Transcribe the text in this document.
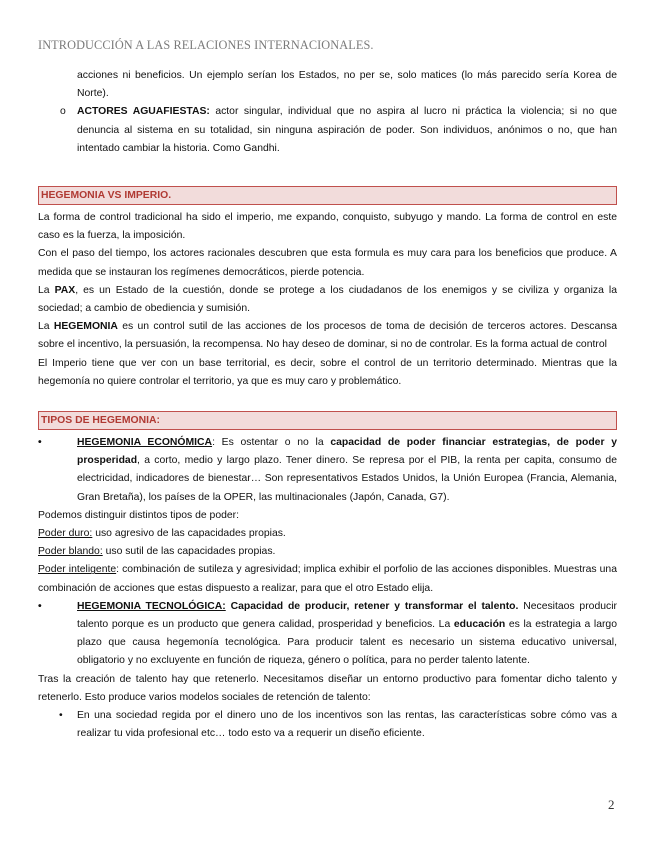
INTRODUCCIÓN A LAS RELACIONES INTERNACIONALES.

acciones ni beneficios. Un ejemplo serían los Estados, no per se, solo matices (lo más parecido sería Korea de Norte).

o ACTORES AGUAFIESTAS: actor singular, individual que no aspira al lucro ni práctica la violencia; si no que denuncia al sistema en su totalidad, sin ninguna aspiración de poder. Son individuos, anónimos o no, que han intentado cambiar la historia. Como Gandhi.
HEGEMONIA VS IMPERIO.

La forma de control tradicional ha sido el imperio, me expando, conquisto, subyugo y mando. La forma de control en este caso es la fuerza, la imposición.

Con el paso del tiempo, los actores racionales descubren que esta formula es muy cara para los beneficios que produce. A medida que se instauran los regímenes democráticos, pierde potencia.

La PAX, es un Estado de la cuestión, donde se protege a los ciudadanos de los enemigos y se civiliza y organiza la sociedad; a cambio de obediencia y sumisión.

La HEGEMONIA es un control sutil de las acciones de los procesos de toma de decisión de terceros actores. Descansa sobre el incentivo, la persuasión, la recompensa. No hay deseo de dominar, si no de controlar. Es la forma actual de control

El Imperio tiene que ver con un base territorial, es decir, sobre el control de un territorio determinado. Mientras que la hegemonía no quiere controlar el territorio, ya que es muy caro y problemático.

TIPOS DE HEGEMONIA:
•	HEGEMONIA ECONÓMICA: Es ostentar o no la capacidad de poder financiar estrategias, de poder y prosperidad, a corto, medio y largo plazo. Tener dinero. Se represa por el PIB, la renta per capita, consumo de electricidad, indicadores de bienestar… Son representativos Estados Unidos, la Unión Europea (Francia, Alemania, Gran Bretaña), los países de la OPER, las multinacionales (Japón, Canada, G7).

Podemos distinguir distintos tipos de poder:

Poder duro: uso agresivo de las capacidades propias.

Poder blando: uso sutil de las capacidades propias.

Poder inteligente: combinación de sutileza y agresividad; implica exhibir el porfolio de las acciones disponibles. Muestras una combinación de acciones que estas dispuesto a realizar, para que el otro Estado elija.

•	HEGEMONIA TECNOLÓGICA: Capacidad de producir, retener y transformar el talento. Necesitaos producir talento porque es un producto que genera calidad, prosperidad y beneficios. La educación es la estrategia a largo plazo que causa hegemonía tecnológica. Para producir talent es necesario un sistema educativo universal, obligatorio y no excluyente en función de riqueza, género o política, para no perder talento latente.

Tras la creación de talento hay que retenerlo. Necesitamos diseñar un entorno productivo para fomentar dicho talento y retenerlo. Esto produce varios modelos sociales de retención de talento:

• En una sociedad regida por el dinero uno de los incentivos son las rentas, las características sobre cómo vas a realizar tu vida profesional etc… todo esto va a requerir un diseño eficiente.
2
